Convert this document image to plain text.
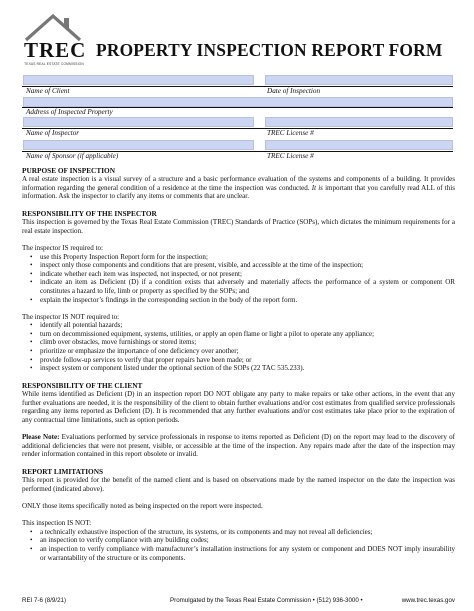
TREC
TEXAS REAL ESTATE COMMISSION
PROPERTY INSPECTION REPORT FORM
Name of Client	Date of Inspection
Address of Inspected Property
Name of Inspector	TREC License #
Name of Sponsor (if applicable)	TREC License #

PURPOSE OF INSPECTION

A real estate inspection is a visual survey of a structure and a basic performance evaluation of the systems and components of a building. It provides information regarding the general condition of a residence at the time the inspection was conducted. It is important that you carefully read ALL of this information. Ask the inspector to clarify any items or comments that are unclear.

RESPONSIBILITY OF THE INSPECTOR

This inspection is governed by the Texas Real Estate Commission (TREC) Standards of Practice (SOPs), which dictates the minimum requirements for a real estate inspection.

The inspector IS required to:

• use this Property Inspection Report form for the inspection;
• inspect only those components and conditions that are present, visible, and accessible at the time of the inspection;
• indicate whether each item was inspected, not inspected, or not present;
• indicate an item as Deficient (D) if a condition exists that adversely and materially affects the performance of a system or component OR constitutes a hazard to life, limb or property as specified by the SOPs; and
• explain the inspector’s findings in the corresponding section in the body of the report form.

The inspector IS NOT required to:

• identify all potential hazards;
• turn on decommissioned equipment, systems, utilities, or apply an open flame or light a pilot to operate any appliance;
• climb over obstacles, move furnishings or stored items;
• prioritize or emphasize the importance of one deficiency over another;
• provide follow-up services to verify that proper repairs have been made; or
• inspect system or component listed under the optional section of the SOPs (22 TAC 535.233).

RESPONSIBILITY OF THE CLIENT

While items identified as Deficient (D) in an inspection report DO NOT obligate any party to make repairs or take other actions, in the event that any further evaluations are needed, it is the responsibility of the client to obtain further evaluations and/or cost estimates from qualified service professionals regarding any items reported as Deficient (D). It is recommended that any further evaluations and/or cost estimates take place prior to the expiration of any contractual time limitations, such as option periods.

Please Note: Evaluations performed by service professionals in response to items reported as Deficient (D) on the report may lead to the discovery of additional deficiencies that were not present, visible, or accessible at the time of the inspection. Any repairs made after the date of the inspection may render information contained in this report obsolete or invalid.

REPORT LIMITATIONS

This report is provided for the benefit of the named client and is based on observations made by the named inspector on the date the inspection was performed (indicated above).

ONLY those items specifically noted as being inspected on the report were inspected.

This inspection IS NOT:

• a technically exhaustive inspection of the structure, its systems, or its components and may not reveal all deficiencies;
• an inspection to verify compliance with any building codes;
• an inspection to verify compliance with manufacturer’s installation instructions for any system or component and DOES NOT imply insurability or warrantability of the structure or its components.
REI 7-6 (8/9/21)	Promulgated by the Texas Real Estate Commission • (512) 936-3000 •	www.trec.texas.gov
